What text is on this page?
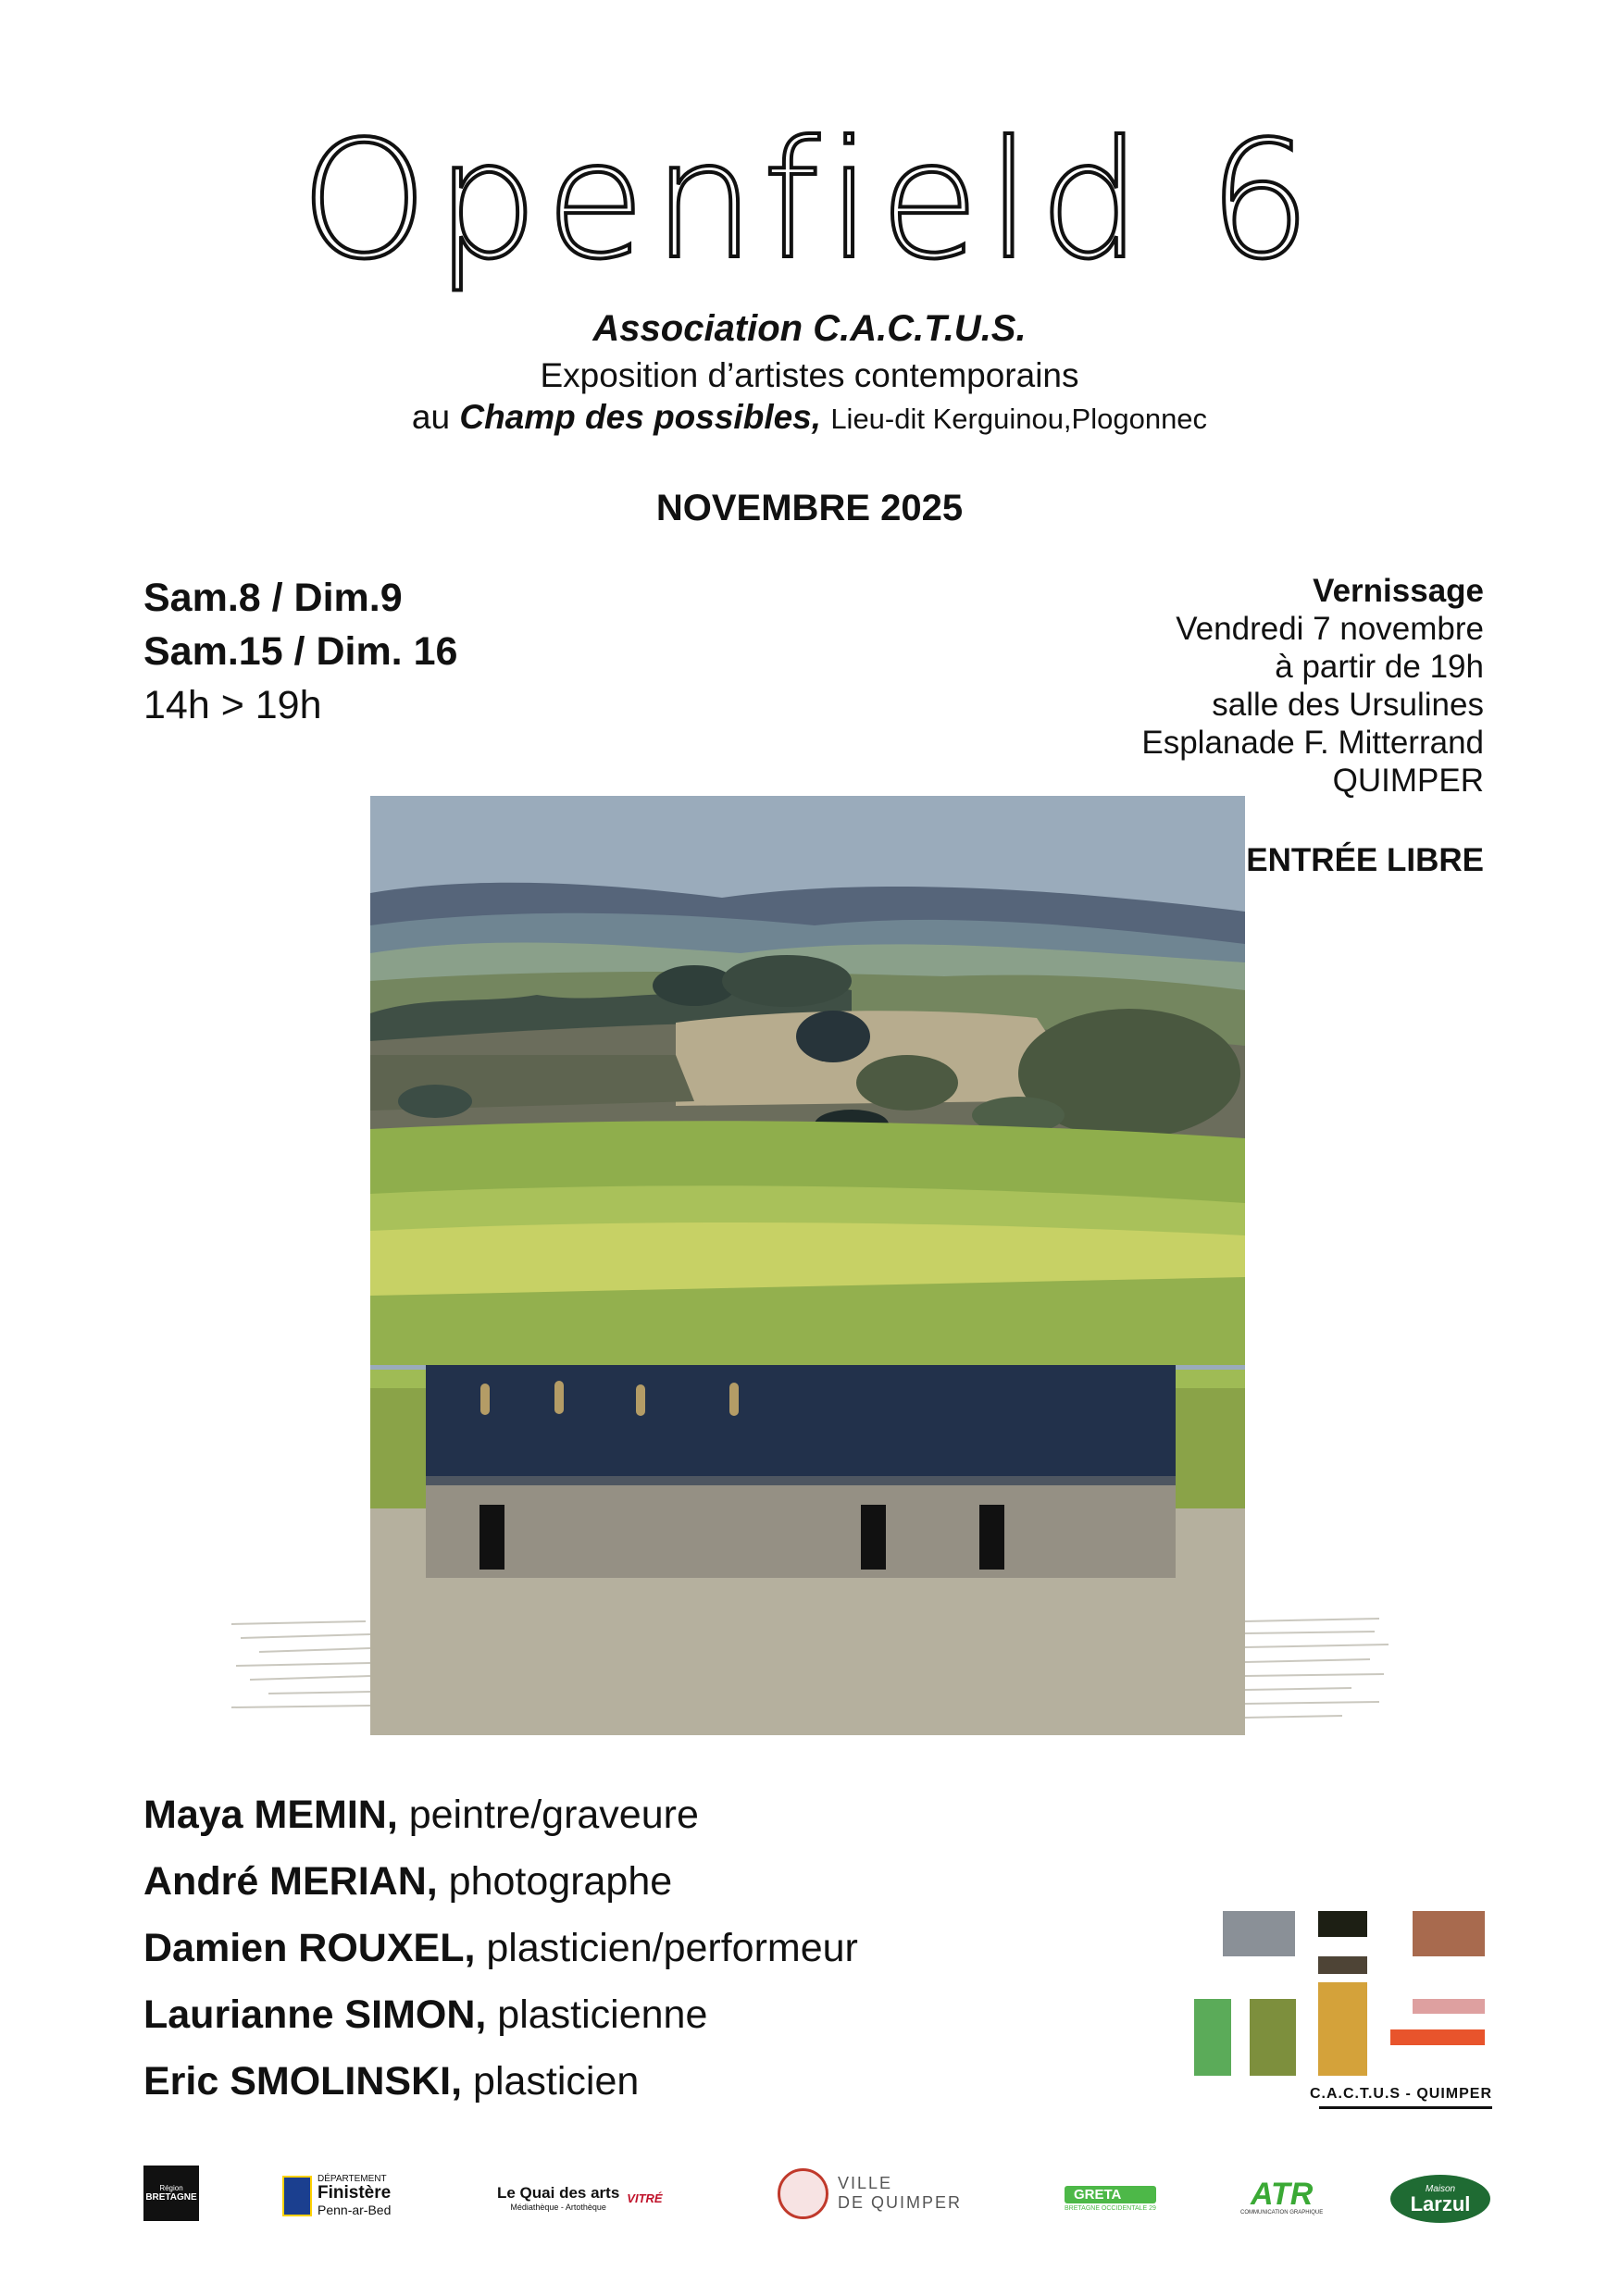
Openfield 6
Association C.A.C.T.U.S.
Exposition d’artistes contemporains
au Champ des possibles, Lieu-dit Kerguinou,Plogonnec
NOVEMBRE 2025
Sam.8 / Dim.9
Sam.15 / Dim. 16
14h > 19h
Vernissage
Vendredi 7 novembre
à partir de 19h
salle des Ursulines
Esplanade F. Mitterrand
QUIMPER
ENTRÉE LIBRE
Maya MEMIN, peintre/graveure
André MERIAN, photographe
Damien ROUXEL, plasticien/performeur
Laurianne SIMON, plasticienne
Eric SMOLINSKI, plasticien	C.A.C.T.U.S - QUIMPER
Région
BRETAGNE
DÉPARTEMENT
Finistère
Penn-ar-Bed
Le Quai des arts
Médiathèque - Artothèque
VITRÉ
VILLE
DE QUIMPER	GRETA
BRETAGNE OCCIDENTALE 29	ATR
COMMUNICATION GRAPHIQUE
Maison
Larzul
